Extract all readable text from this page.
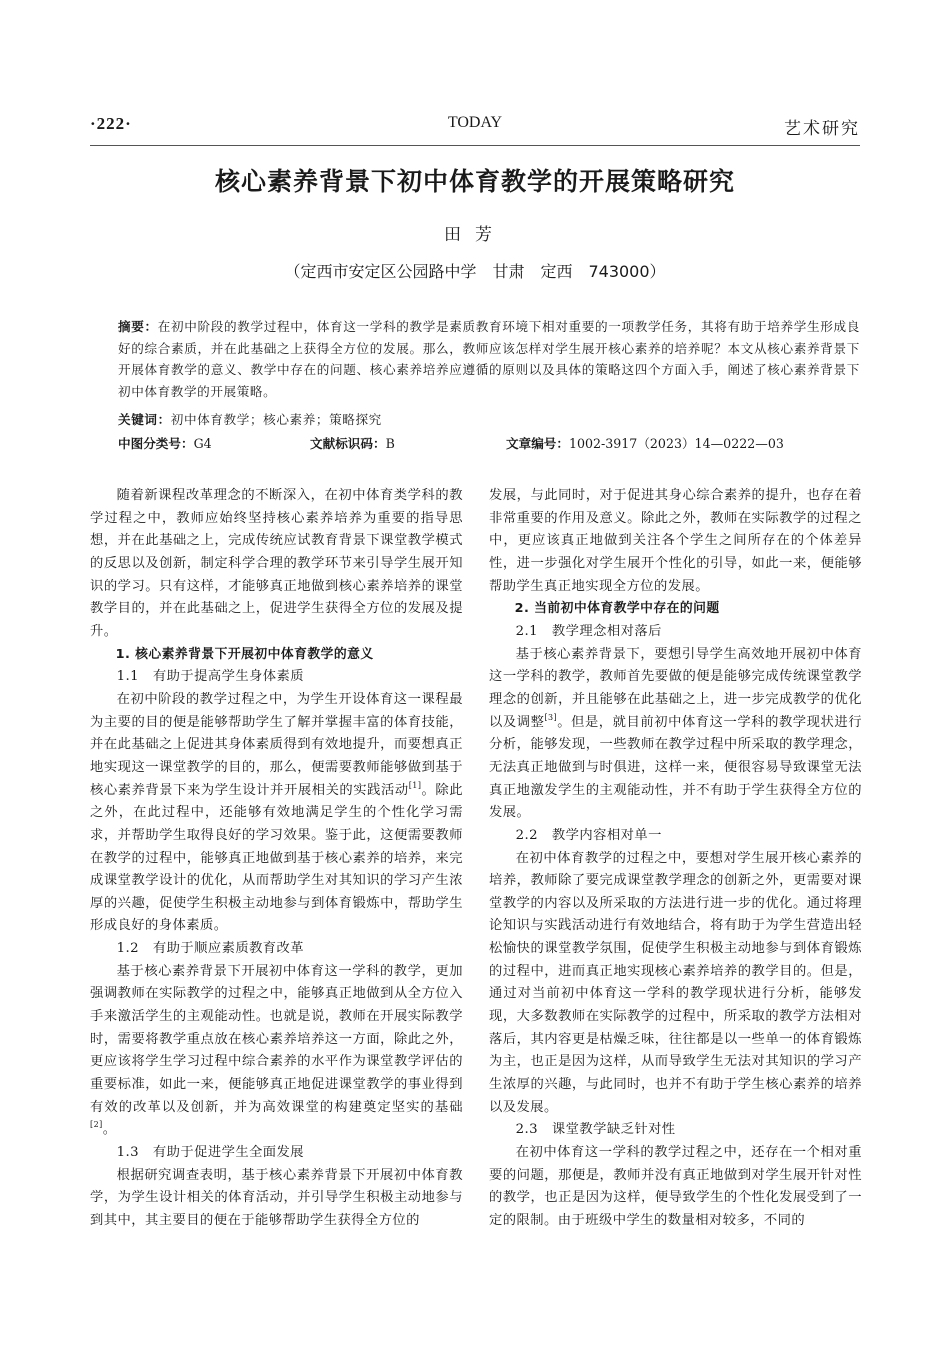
·222·	TODAY	艺术研究
核心素养背景下初中体育教学的开展策略研究
田芳
（定西市安定区公园路中学　甘肃　定西　743000）
摘要：在初中阶段的教学过程中，体育这一学科的教学是素质教育环境下相对重要的一项教学任务，其将有助于培养学生形成良好的综合素质，并在此基础之上获得全方位的发展。那么，教师应该怎样对学生展开核心素养的培养呢？本文从核心素养背景下开展体育教学的意义、教学中存在的问题、核心素养培养应遵循的原则以及具体的策略这四个方面入手，阐述了核心素养背景下初中体育教学的开展策略。
关键词：初中体育教学；核心素养；策略探究
中图分类号：G4	文献标识码：B	文章编号：1002-3917（2023）14—0222—03

随着新课程改革理念的不断深入，在初中体育类学科的教学过程之中，教师应始终坚持核心素养培养为重要的指导思想，并在此基础之上，完成传统应试教育背景下课堂教学模式的反思以及创新，制定科学合理的教学环节来引导学生展开知识的学习。只有这样，才能够真正地做到核心素养培养的课堂教学目的，并在此基础之上，促进学生获得全方位的发展及提升。

1. 核心素养背景下开展初中体育教学的意义

1.1　有助于提高学生身体素质

在初中阶段的教学过程之中，为学生开设体育这一课程最为主要的目的便是能够帮助学生了解并掌握丰富的体育技能，并在此基础之上促进其身体素质得到有效地提升，而要想真正地实现这一课堂教学的目的，那么，便需要教师能够做到基于核心素养背景下来为学生设计并开展相关的实践活动[1]。除此之外，在此过程中，还能够有效地满足学生的个性化学习需求，并帮助学生取得良好的学习效果。鉴于此，这便需要教师在教学的过程中，能够真正地做到基于核心素养的培养，来完成课堂教学设计的优化，从而帮助学生对其知识的学习产生浓厚的兴趣，促使学生积极主动地参与到体育锻炼中，帮助学生形成良好的身体素质。

1.2　有助于顺应素质教育改革

基于核心素养背景下开展初中体育这一学科的教学，更加强调教师在实际教学的过程之中，能够真正地做到从全方位入手来激活学生的主观能动性。也就是说，教师在开展实际教学时，需要将教学重点放在核心素养培养这一方面，除此之外，更应该将学生学习过程中综合素养的水平作为课堂教学评估的重要标准，如此一来，便能够真正地促进课堂教学的事业得到有效的改革以及创新，并为高效课堂的构建奠定坚实的基础[2]。

1.3　有助于促进学生全面发展

根据研究调查表明，基于核心素养背景下开展初中体育教学，为学生设计相关的体育活动，并引导学生积极主动地参与到其中，其主要目的便在于能够帮助学生获得全方位的

发展，与此同时，对于促进其身心综合素养的提升，也存在着非常重要的作用及意义。除此之外，教师在实际教学的过程之中，更应该真正地做到关注各个学生之间所存在的个体差异性，进一步强化对学生展开个性化的引导，如此一来，便能够帮助学生真正地实现全方位的发展。

2. 当前初中体育教学中存在的问题

2.1　教学理念相对落后

基于核心素养背景下，要想引导学生高效地开展初中体育这一学科的教学，教师首先要做的便是能够完成传统课堂教学理念的创新，并且能够在此基础之上，进一步完成教学的优化以及调整[3]。但是，就目前初中体育这一学科的教学现状进行分析，能够发现，一些教师在教学过程中所采取的教学理念，无法真正地做到与时俱进，这样一来，便很容易导致课堂无法真正地激发学生的主观能动性，并不有助于学生获得全方位的发展。

2.2　教学内容相对单一

在初中体育教学的过程之中，要想对学生展开核心素养的培养，教师除了要完成课堂教学理念的创新之外，更需要对课堂教学的内容以及所采取的方法进行进一步的优化。通过将理论知识与实践活动进行有效地结合，将有助于为学生营造出轻松愉快的课堂教学氛围，促使学生积极主动地参与到体育锻炼的过程中，进而真正地实现核心素养培养的教学目的。但是，通过对当前初中体育这一学科的教学现状进行分析，能够发现，大多数教师在实际教学的过程中，所采取的教学方法相对落后，其内容更是枯燥乏味，往往都是以一些单一的体育锻炼为主，也正是因为这样，从而导致学生无法对其知识的学习产生浓厚的兴趣，与此同时，也并不有助于学生核心素养的培养以及发展。

2.3　课堂教学缺乏针对性

在初中体育这一学科的教学过程之中，还存在一个相对重要的问题，那便是，教师并没有真正地做到对学生展开针对性的教学，也正是因为这样，便导致学生的个性化发展受到了一定的限制。由于班级中学生的数量相对较多，不同的
